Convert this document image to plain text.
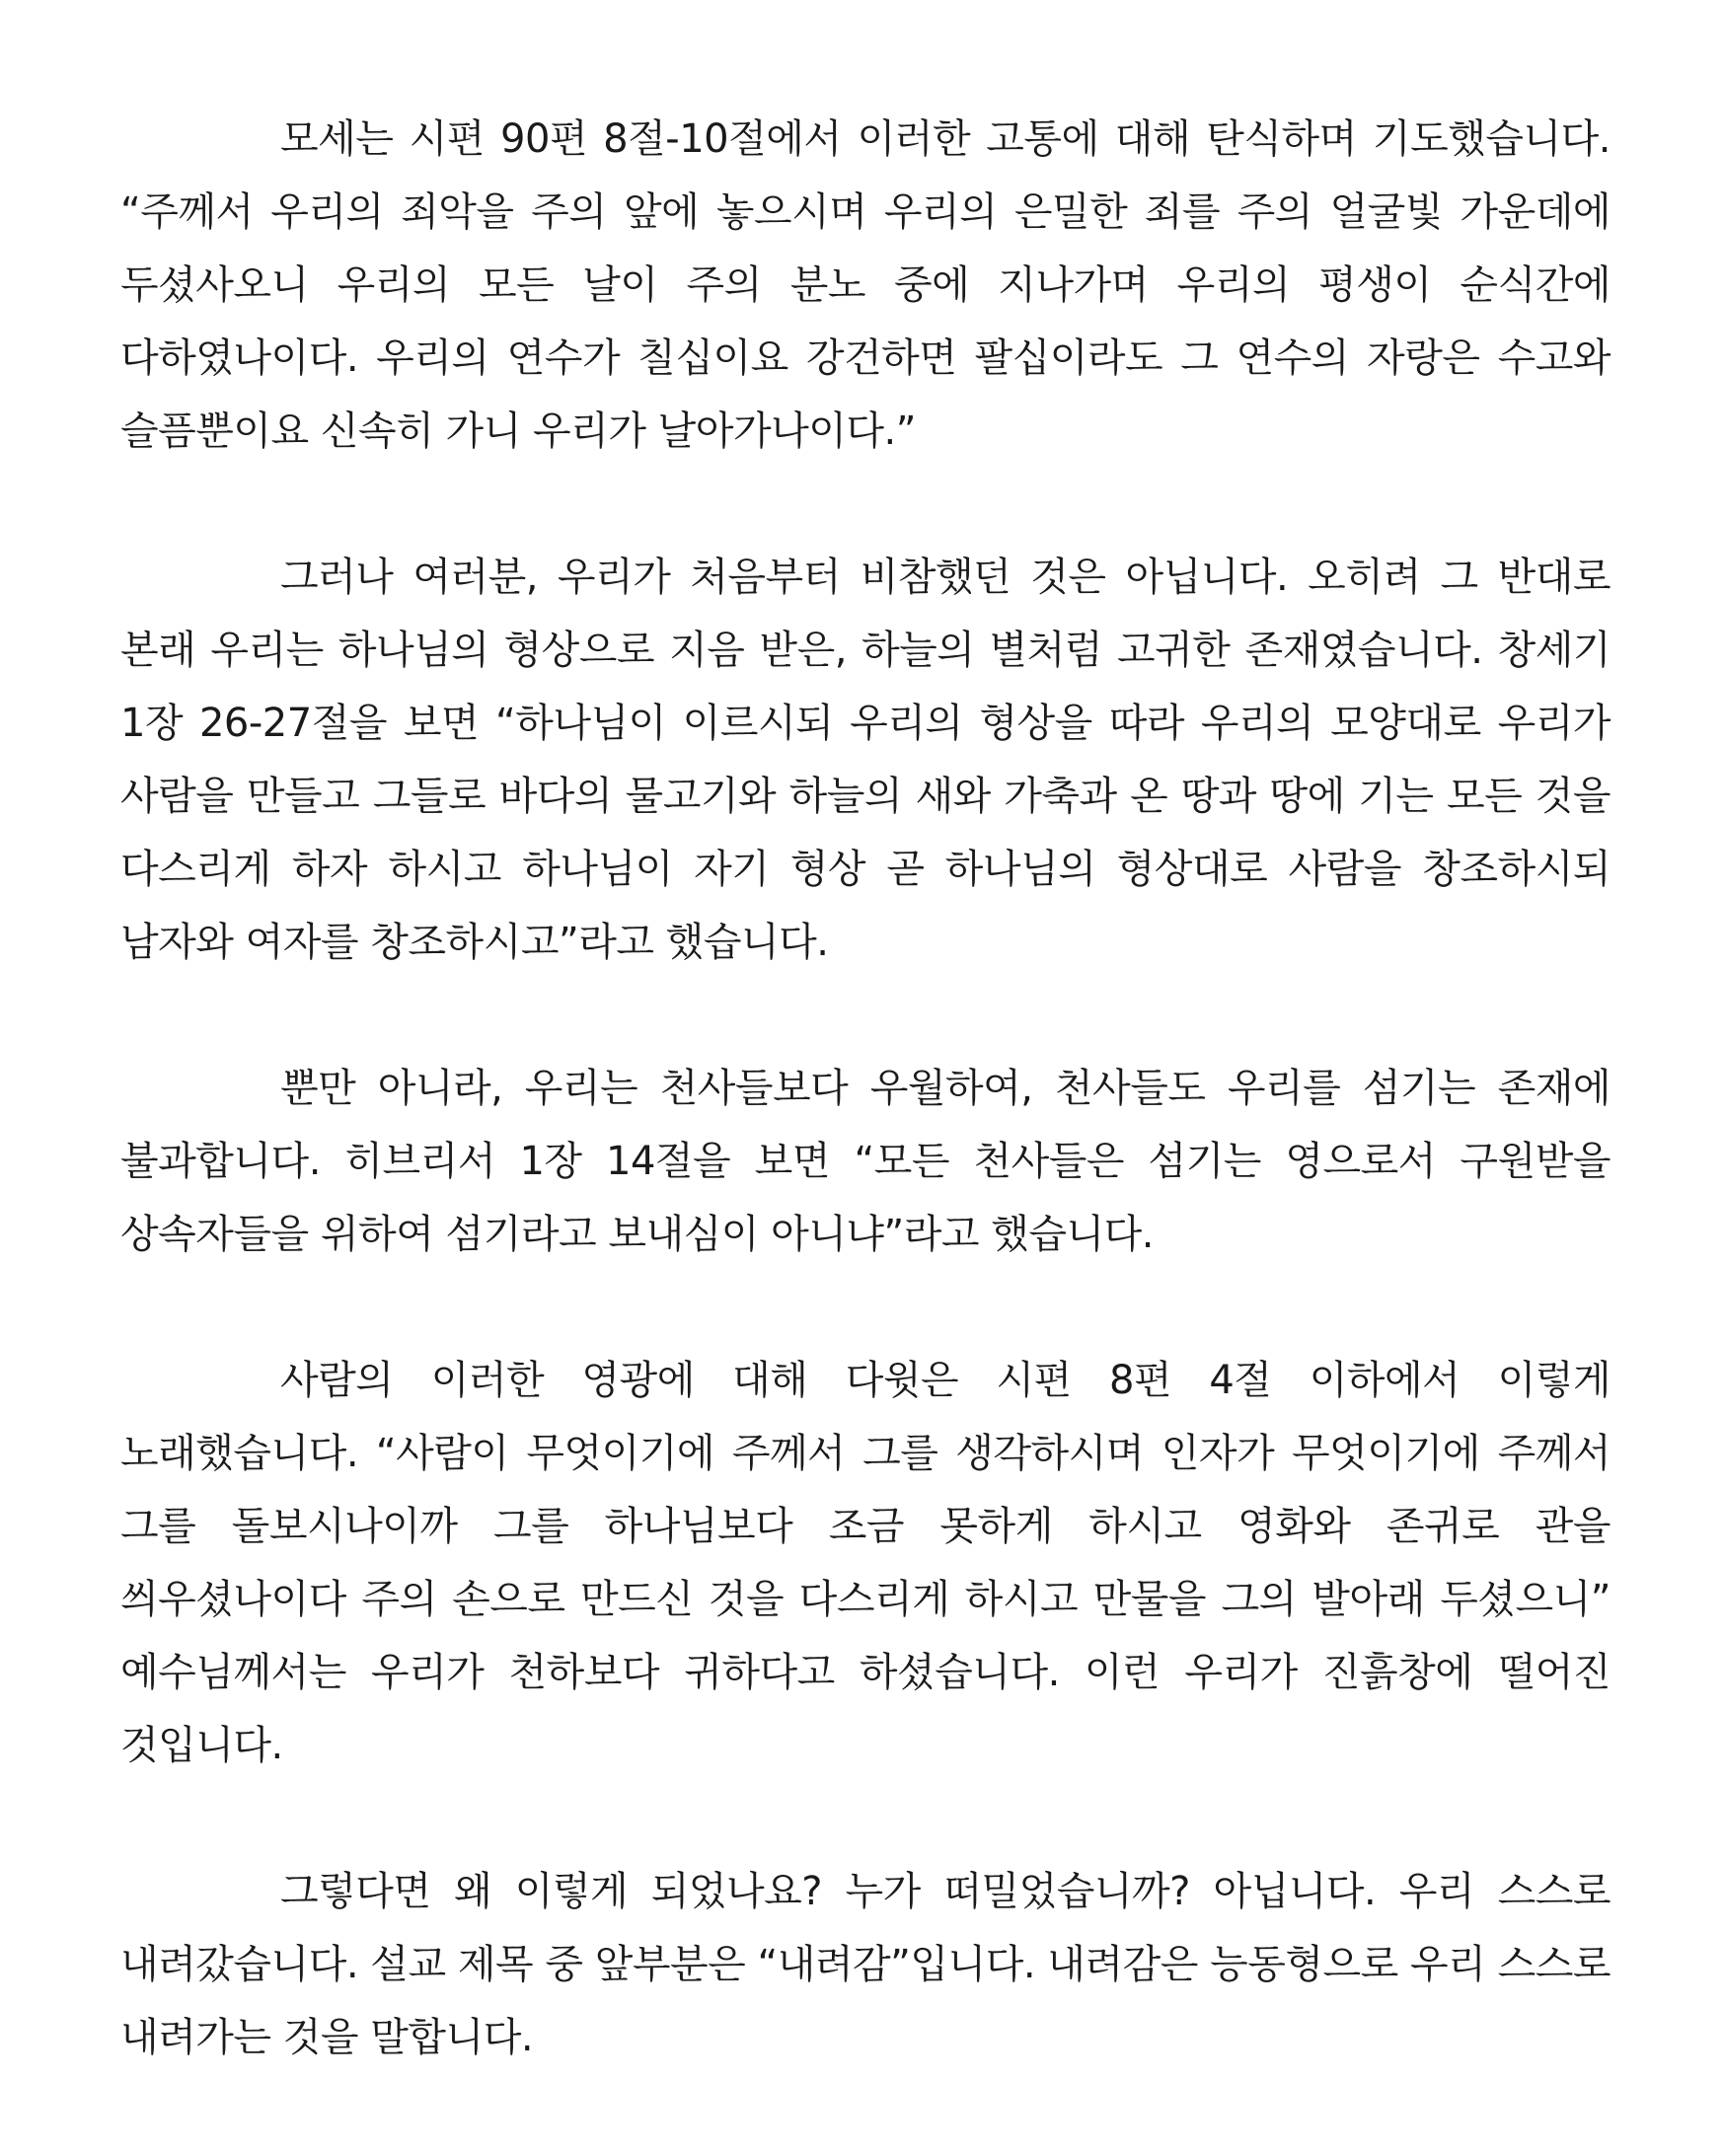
모세는 시편 90편 8절-10절에서 이러한 고통에 대해 탄식하며 기도했습니다. “주께서 우리의 죄악을 주의 앞에 놓으시며 우리의 은밀한 죄를 주의 얼굴빛 가운데에 두셨사오니 우리의 모든 날이 주의 분노 중에 지나가며 우리의 평생이 순식간에 다하였나이다. 우리의 연수가 칠십이요 강건하면 팔십이라도 그 연수의 자랑은 수고와 슬픔뿐이요 신속히 가니 우리가 날아가나이다.”

그러나 여러분, 우리가 처음부터 비참했던 것은 아닙니다. 오히려 그 반대로 본래 우리는 하나님의 형상으로 지음 받은, 하늘의 별처럼 고귀한 존재였습니다. 창세기 1장 26-27절을 보면 “하나님이 이르시되 우리의 형상을 따라 우리의 모양대로 우리가 사람을 만들고 그들로 바다의 물고기와 하늘의 새와 가축과 온 땅과 땅에 기는 모든 것을 다스리게 하자 하시고 하나님이 자기 형상 곧 하나님의 형상대로 사람을 창조하시되 남자와 여자를 창조하시고”라고 했습니다.

뿐만 아니라, 우리는 천사들보다 우월하여, 천사들도 우리를 섬기는 존재에 불과합니다. 히브리서 1장 14절을 보면 “모든 천사들은 섬기는 영으로서 구원받을 상속자들을 위하여 섬기라고 보내심이 아니냐”라고 했습니다.

사람의 이러한 영광에 대해 다윗은 시편 8편 4절 이하에서 이렇게 노래했습니다. “사람이 무엇이기에 주께서 그를 생각하시며 인자가 무엇이기에 주께서 그를 돌보시나이까 그를 하나님보다 조금 못하게 하시고 영화와 존귀로 관을 씌우셨나이다 주의 손으로 만드신 것을 다스리게 하시고 만물을 그의 발아래 두셨으니” 예수님께서는 우리가 천하보다 귀하다고 하셨습니다. 이런 우리가 진흙창에 떨어진 것입니다.

그렇다면 왜 이렇게 되었나요? 누가 떠밀었습니까? 아닙니다. 우리 스스로 내려갔습니다. 설교 제목 중 앞부분은 “내려감”입니다. 내려감은 능동형으로 우리 스스로 내려가는 것을 말합니다.
